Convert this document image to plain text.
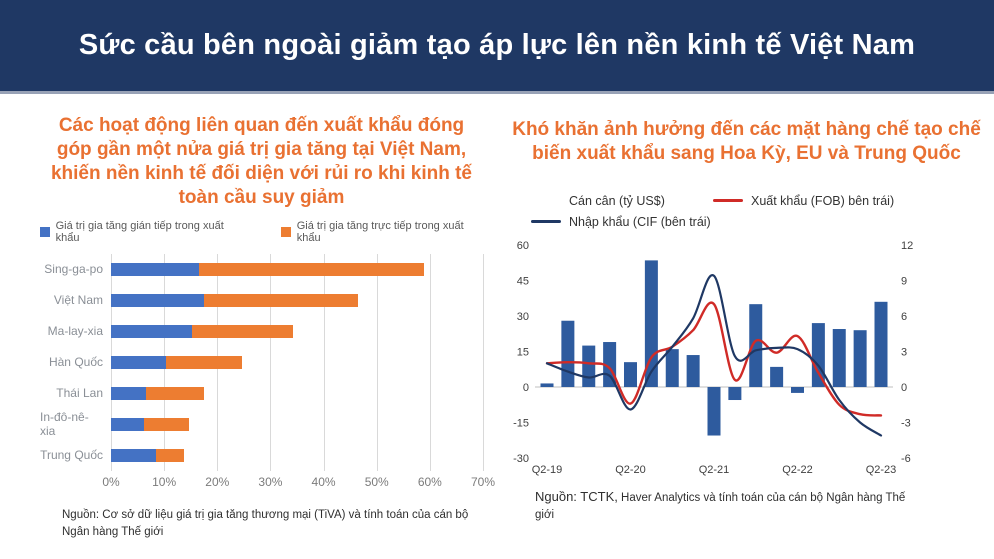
Sức cầu bên ngoài giảm tạo áp lực lên nền kinh tế Việt Nam
Các hoạt động liên quan đến xuất khẩu đóng góp gần một nửa giá trị gia tăng tại Việt Nam, khiến nền kinh tế đối diện với rủi ro khi kinh tế toàn cầu suy giảm
Giá trị gia tăng gián tiếp trong xuất khẩu
Giá trị gia tăng trực tiếp trong xuất khẩu
Sing-ga-po
Việt Nam
Ma-lay-xia
Hàn Quốc
Thái Lan
In-đô-nê-xia
Trung Quốc
0%	10% 20% 30% 40% 50% 60% 70%

Nguồn: Cơ sở dữ liệu giá trị gia tăng thương mại (TiVA) và tính toán của cán bộ Ngân hàng Thế giới

Khó khăn ảnh hưởng đến các mặt hàng chế tạo chế biến xuất khẩu sang Hoa Kỳ, EU và Trung Quốc
Cán cân (tỷ US$)	Xuất khẩu (FOB) bên trái)
Nhập khẩu (CIF (bên trái)
60
45
30
15
0
-15
-30
12
9
6
3
0
-3
-6
Q2-19	Q2-20	Q2-21	Q2-22	Q2-23

Nguồn: TCTK, Haver Analytics và tính toán của cán bộ Ngân hàng Thế giới
